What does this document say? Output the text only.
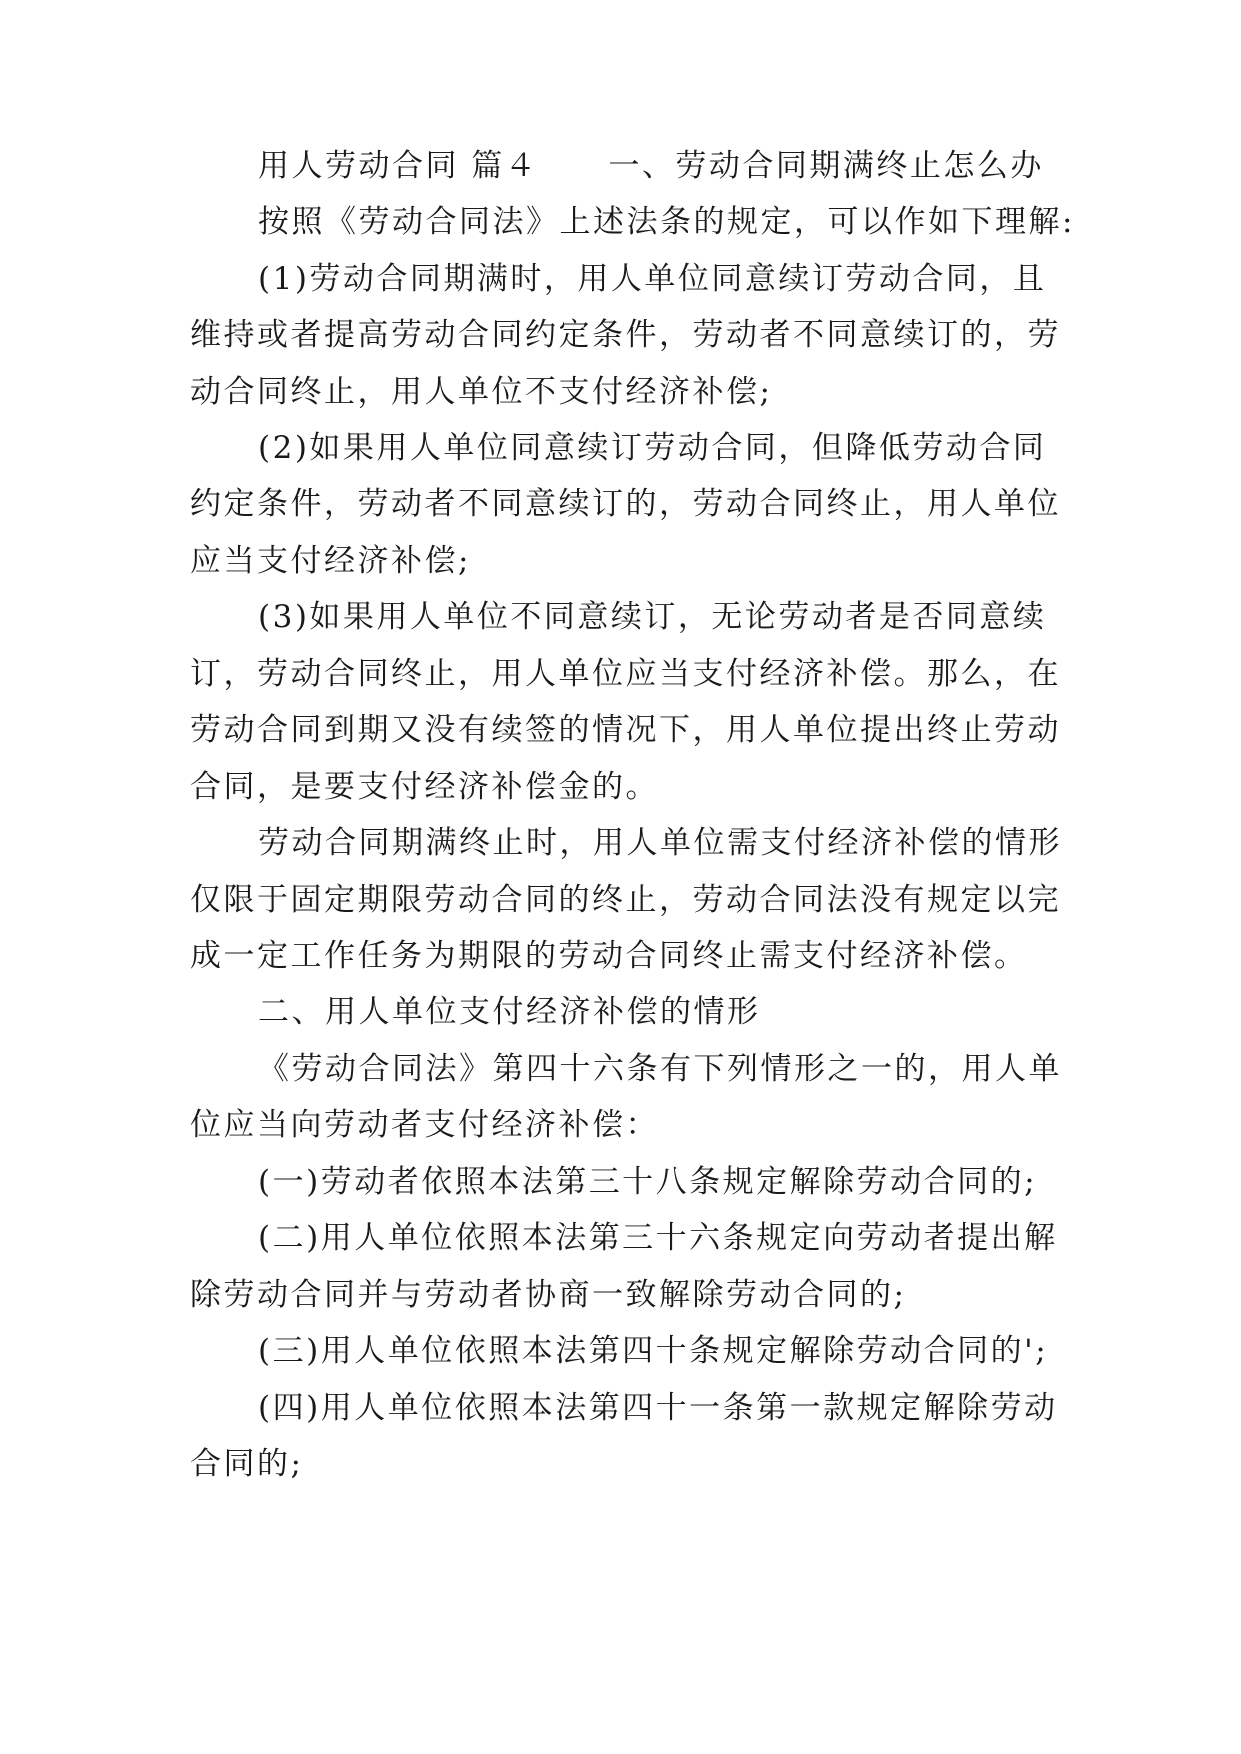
用人劳动合同 篇４ 一、劳动合同期满终止怎么办
按照《劳动合同法》上述法条的规定，可以作如下理解:
(1)劳动合同期满时，用人单位同意续订劳动合同，且
维持或者提高劳动合同约定条件，劳动者不同意续订的，劳
动合同终止，用人单位不支付经济补偿;
(2)如果用人单位同意续订劳动合同，但降低劳动合同
约定条件，劳动者不同意续订的，劳动合同终止，用人单位
应当支付经济补偿;
(3)如果用人单位不同意续订，无论劳动者是否同意续
订，劳动合同终止，用人单位应当支付经济补偿。那么，在
劳动合同到期又没有续签的情况下，用人单位提出终止劳动
合同，是要支付经济补偿金的。
劳动合同期满终止时，用人单位需支付经济补偿的情形
仅限于固定期限劳动合同的终止，劳动合同法没有规定以完
成一定工作任务为期限的劳动合同终止需支付经济补偿。
二、用人单位支付经济补偿的情形
《劳动合同法》第四十六条有下列情形之一的，用人单
位应当向劳动者支付经济补偿：
(一)劳动者依照本法第三十八条规定解除劳动合同的;
(二)用人单位依照本法第三十六条规定向劳动者提出解
除劳动合同并与劳动者协商一致解除劳动合同的;
(三)用人单位依照本法第四十条规定解除劳动合同的';
(四)用人单位依照本法第四十一条第一款规定解除劳动
合同的;
